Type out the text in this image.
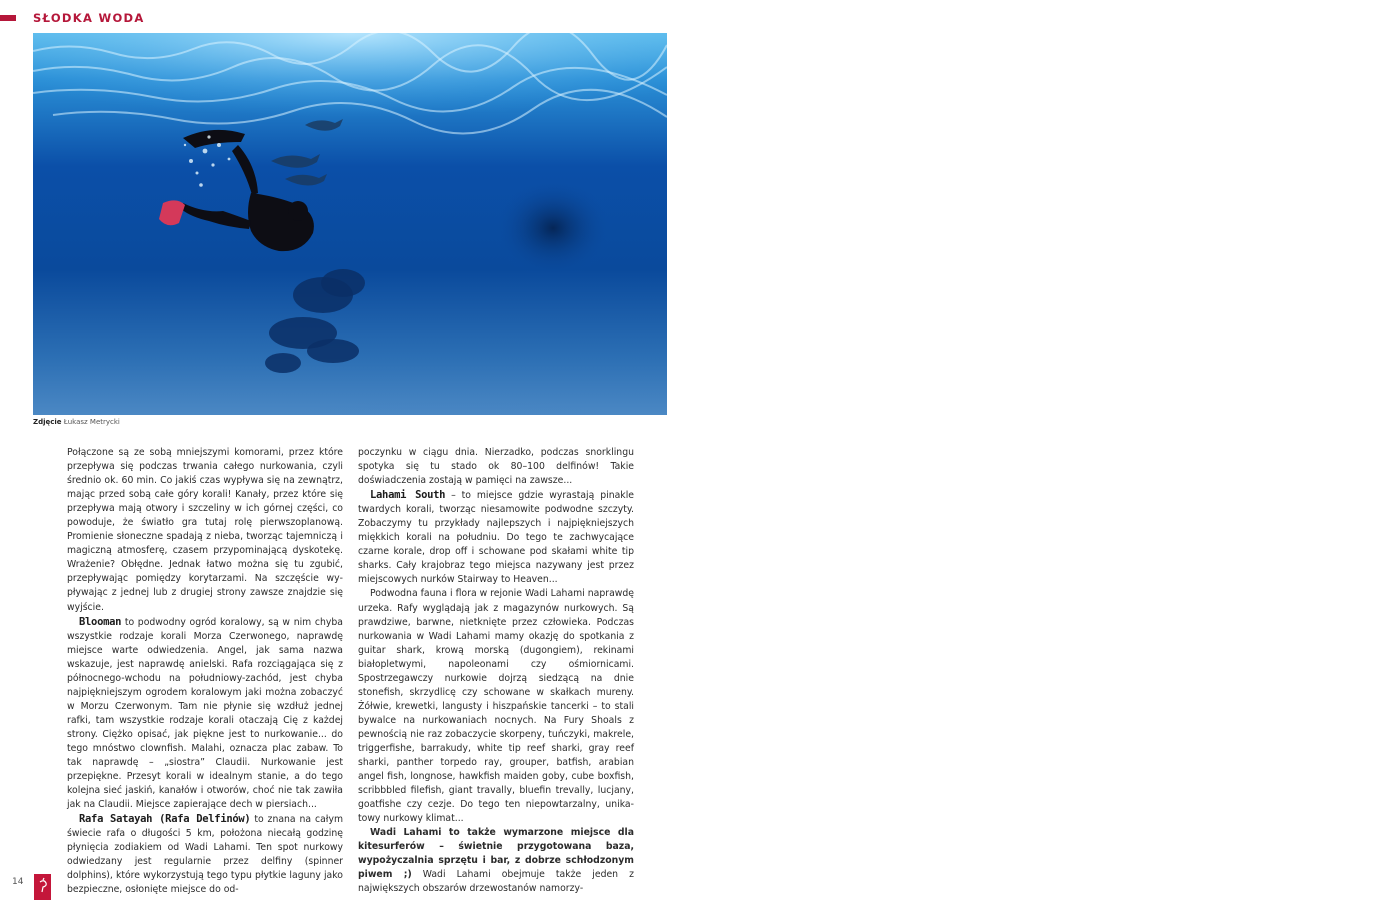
SŁODKA WODA

Zdjęcie Łukasz Metrycki

Połączone są ze sobą mniejszymi komorami, przez które przepływa się podczas trwania całego nurkowania, czyli średnio ok. 60 min. Co jakiś czas wypływa się na zewnątrz, mając przed sobą całe góry korali! Kanały, przez które się przepływa mają otwory i szczeliny w ich górnej części, co powoduje, że światło gra tutaj rolę pierwszoplanową. Promienie słoneczne spadają z nieba, tworząc tajemniczą i magiczną atmosferę, czasem przypominającą dyskotekę. Wrażenie? Obłędne. Jednak łatwo można się tu zgubić, przepływając pomiędzy korytarzami. Na szczęście wypływając z jednej lub z drugiej strony zawsze znajdzie się wyjście.

Blooman to podwodny ogród koralowy, są w nim chyba wszystkie rodzaje korali Morza Czerwonego, naprawdę miejsce warte odwiedzenia. Angel, jak sama nazwa wskazuje, jest naprawdę anielski. Rafa rozciągająca się z północnego-wchodu na południowy-zachód, jest chyba najpiękniejszym ogrodem koralowym jaki można zobaczyć w Morzu Czerwonym. Tam nie płynie się wzdłuż jednej rafki, tam wszystkie rodzaje korali otaczają Cię z każdej strony. Ciężko opisać, jak piękne jest to nurkowanie... do tego mnóstwo clownfish. Malahi, oznacza plac zabaw. To tak naprawdę – „siostra” Claudii. Nurkowanie jest przepiękne. Przesyt korali w idealnym stanie, a do tego kolejna sieć jaskiń, kanałów i otworów, choć nie tak zawiła jak na Claudii. Miejsce zapierające dech w piersiach...

Rafa Satayah (Rafa Delfinów) to znana na całym świecie rafa o długości 5 km, położona niecałą godzinę płynięcia zodiakiem od Wadi Lahami. Ten spot nurkowy odwiedzany jest regularnie przez delfiny (spinner dolphins), które wykorzystują tego typu płytkie laguny jako bezpieczne, osłonięte miejsce do od-

poczynku w ciągu dnia. Nierzadko, podczas snorklingu spotyka się tu stado ok 80–100 delfinów! Takie doświadczenia zostają w pamięci na zawsze...

Lahami South – to miejsce gdzie wyrastają pinakle twardych korali, tworząc niesamowite podwodne szczyty. Zobaczymy tu przykłady najlepszych i najpiękniejszych miękkich korali na południu. Do tego te zachwycające czarne korale, drop off i schowane pod skałami white tip sharks. Cały krajobraz tego miejsca nazywany jest przez miejscowych nurków Stairway to Heaven...

Podwodna fauna i flora w rejonie Wadi Lahami naprawdę urzeka. Rafy wyglądają jak z magazynów nurkowych. Są prawdziwe, barwne, nietknięte przez człowieka. Podczas nurkowania w Wadi Lahami mamy okazję do spotkania z guitar shark, krową morską (dugongiem), rekinami białopletwymi, napoleonami czy ośmiornicami. Spostrzegawczy nurkowie dojrzą siedzącą na dnie stonefish, skrzydlicę czy schowane w skałkach mureny. Żółwie, krewetki, langusty i hiszpańskie tancerki – to stali bywalce na nurkowaniach nocnych. Na Fury Shoals z pewnością nie raz zobaczycie skorpeny, tuńczyki, makrele, triggerfishe, barrakudy, white tip reef sharki, gray reef sharki, panther torpedo ray, grouper, batfish, arabian angel fish, longnose, hawkfish maiden goby, cube boxfish, scribbbled filefish, giant travally, bluefin trevally, lucjany, goatfishe czy cezje. Do tego ten niepowtarzalny, unikatowy nurkowy klimat...

Wadi Lahami to także wymarzone miejsce dla kitesurferów – świetnie przygotowana baza, wypożyczalnia sprzętu i bar, z dobrze schłodzonym piwem ;) Wadi Lahami obejmuje także jeden z największych obszarów drzewostanów namorzy-

14
